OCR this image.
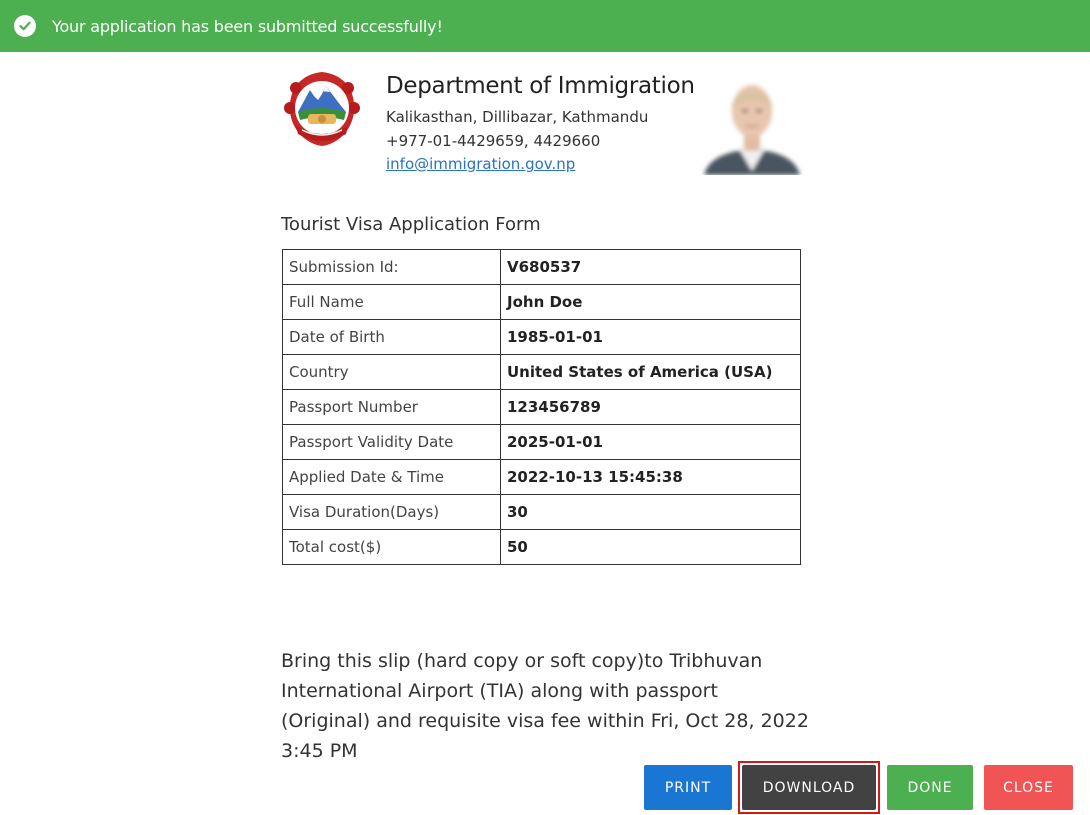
Your application has been submitted successfully!
Department of Immigration
Kalikasthan, Dillibazar, Kathmandu
+977-01-4429659, 4429660
info@immigration.gov.np
Tourist Visa Application Form
Submission Id:	V680537
Full Name	John Doe
Date of Birth	1985-01-01
Country	United States of America (USA)
Passport Number	123456789
Passport Validity Date	2025-01-01
Applied Date & Time	2022-10-13 15:45:38
Visa Duration(Days)	30
Total cost($)	50
Bring this slip (hard copy or soft copy)to Tribhuvan International Airport (TIA) along with passport (Original) and requisite visa fee within Fri, Oct 28, 2022 3:45 PM
PRINT	DOWNLOAD	DONE	CLOSE
